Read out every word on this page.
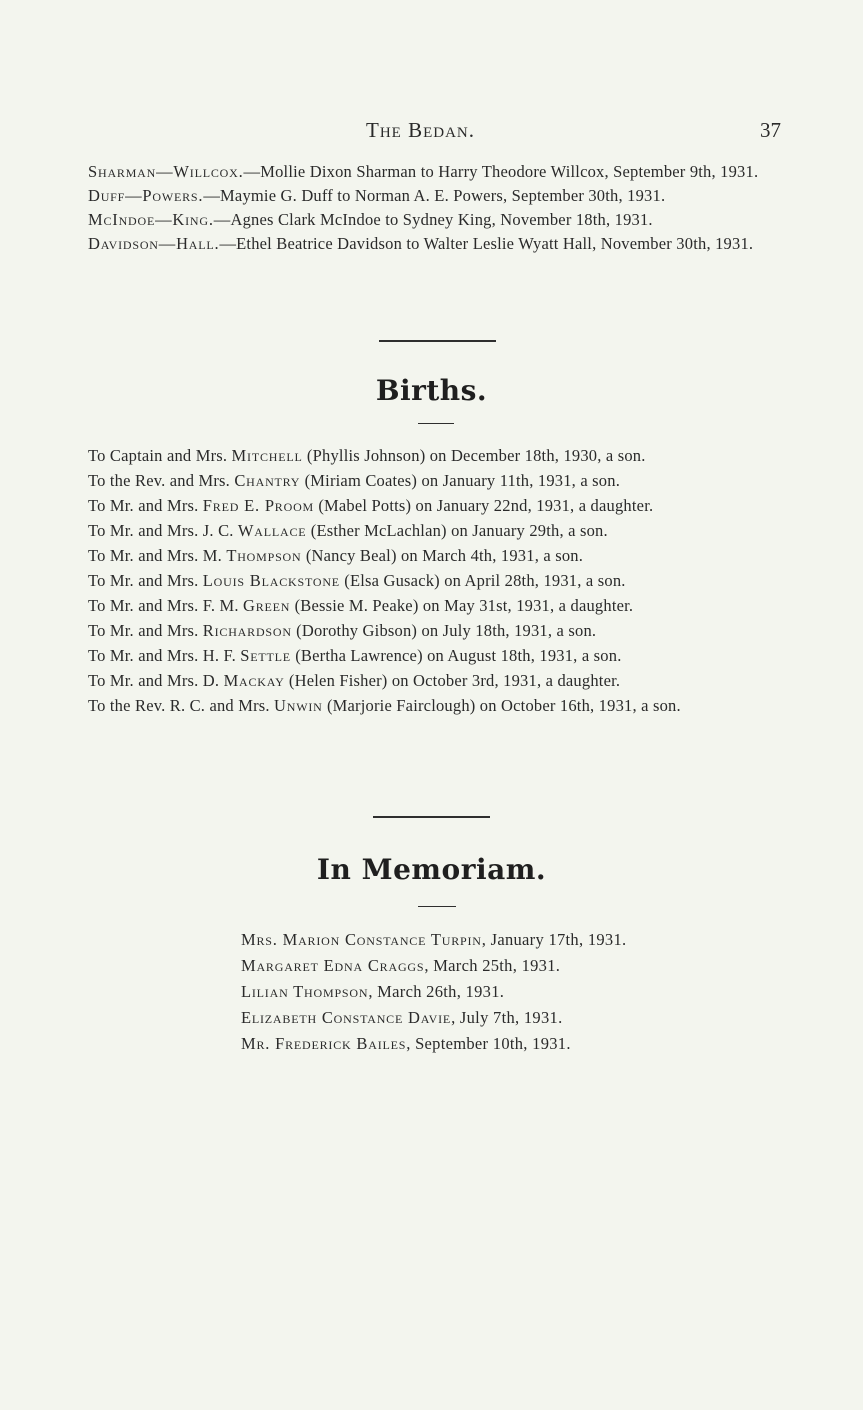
The Bedan.	37

Sharman—Willcox.—Mollie Dixon Sharman to Harry Theodore Willcox, September 9th, 1931.

Duff—Powers.—Maymie G. Duff to Norman A. E. Powers, September 30th, 1931.

McIndoe—King.—Agnes Clark McIndoe to Sydney King, November 18th, 1931.

Davidson—Hall.—Ethel Beatrice Davidson to Walter Leslie Wyatt Hall, November 30th, 1931.

Births.

To Captain and Mrs. Mitchell (Phyllis Johnson) on December 18th, 1930, a son.

To the Rev. and Mrs. Chantry (Miriam Coates) on January 11th, 1931, a son.

To Mr. and Mrs. Fred E. Proom (Mabel Potts) on January 22nd, 1931, a daughter.

To Mr. and Mrs. J. C. Wallace (Esther McLachlan) on January 29th, a son.

To Mr. and Mrs. M. Thompson (Nancy Beal) on March 4th, 1931, a son.

To Mr. and Mrs. Louis Blackstone (Elsa Gusack) on April 28th, 1931, a son.

To Mr. and Mrs. F. M. Green (Bessie M. Peake) on May 31st, 1931, a daughter.

To Mr. and Mrs. Richardson (Dorothy Gibson) on July 18th, 1931, a son.

To Mr. and Mrs. H. F. Settle (Bertha Lawrence) on August 18th, 1931, a son.

To Mr. and Mrs. D. Mackay (Helen Fisher) on October 3rd, 1931, a daughter.

To the Rev. R. C. and Mrs. Unwin (Marjorie Fairclough) on October 16th, 1931, a son.

In Memoriam.

Mrs. Marion Constance Turpin, January 17th, 1931.

Margaret Edna Craggs, March 25th, 1931.

Lilian Thompson, March 26th, 1931.

Elizabeth Constance Davie, July 7th, 1931.

Mr. Frederick Bailes, September 10th, 1931.
